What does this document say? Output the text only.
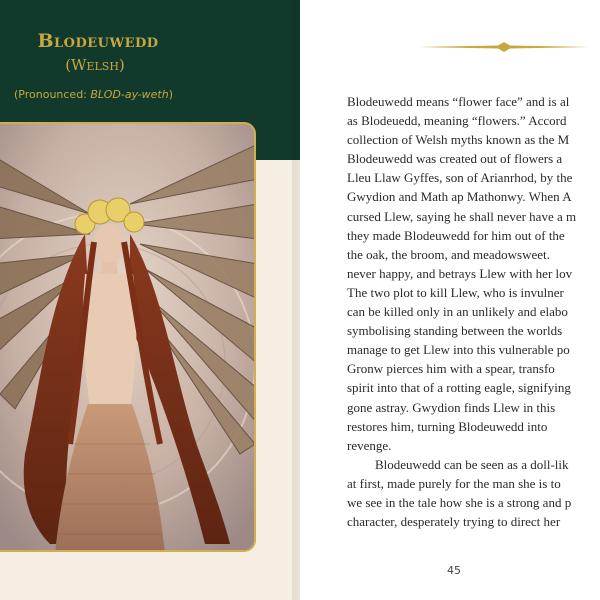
Blodeuwedd
(Welsh)
(Pronounced: BLOD-ay-weth)	Blodeuwedd means “flower face” and is al
as Blodeuedd, meaning “flowers.” Accord
collection of Welsh myths known as the M
Blodeuwedd was created out of flowers a
Lleu Llaw Gyffes, son of Arianrhod, by the
Gwydion and Math ap Mathonwy. When A
cursed Llew, saying he shall never have a m
they made Blodeuwedd for him out of the
the oak, the broom, and meadowsweet.
never happy, and betrays Llew with her lov
The two plot to kill Llew, who is invulner
can be killed only in an unlikely and elabo
symbolising standing between the worlds
manage to get Llew into this vulnerable po
Gronw pierces him with a spear, transfo
spirit into that of a rotting eagle, signifying
gone astray. Gwydion finds Llew in this
restores him, turning Blodeuwedd into
revenge.
Blodeuwedd can be seen as a doll-lik
at first, made purely for the man she is to
we see in the tale how she is a strong and p
character, desperately trying to direct her
45
